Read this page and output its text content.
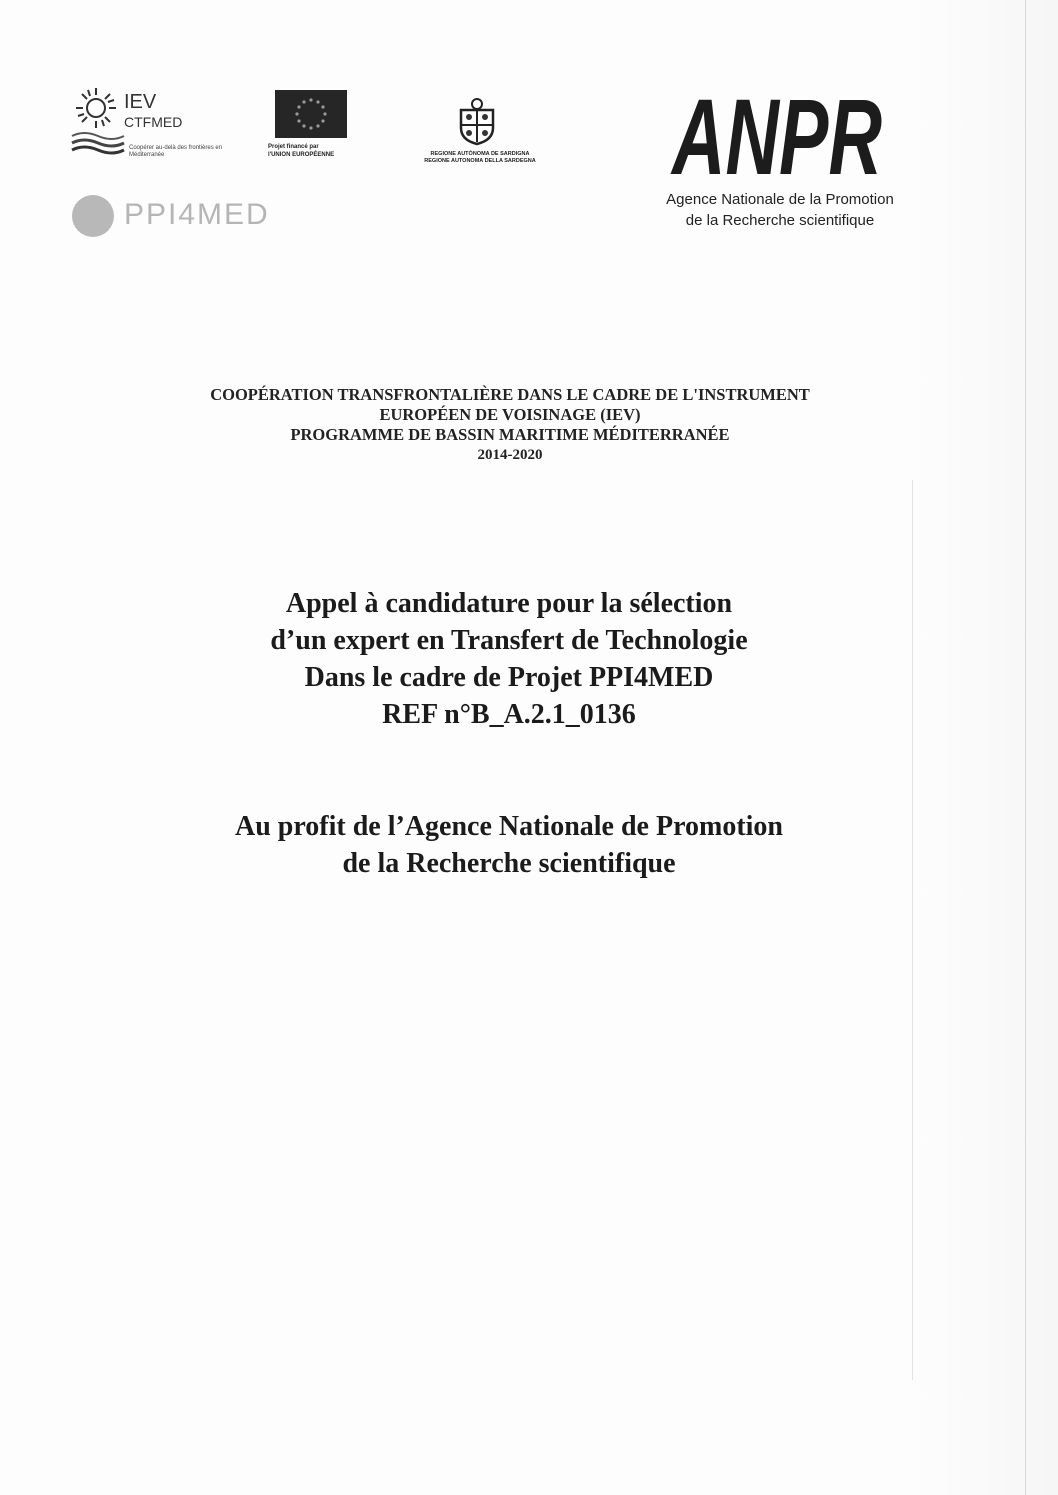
IEV
CTFMED
Coopérer au-delà des frontières en Méditerranée
Projet financé par
l'UNION EUROPÉENNE	REGIONE AUTÒNOMA DE SARDIGNA
REGIONE AUTONOMA DELLA SARDEGNA
PPI4MED
ANPR
Agence Nationale de la Promotion
de la Recherche scientifique
COOPÉRATION TRANSFRONTALIÈRE DANS LE CADRE DE L'INSTRUMENT
EUROPÉEN DE VOISINAGE (IEV)
PROGRAMME DE BASSIN MARITIME MÉDITERRANÉE
2014-2020
Appel à candidature pour la sélection
d’un expert en Transfert de Technologie
Dans le cadre de Projet PPI4MED
REF n°B_A.2.1_0136
Au profit de l’Agence Nationale de Promotion
de la Recherche scientifique
